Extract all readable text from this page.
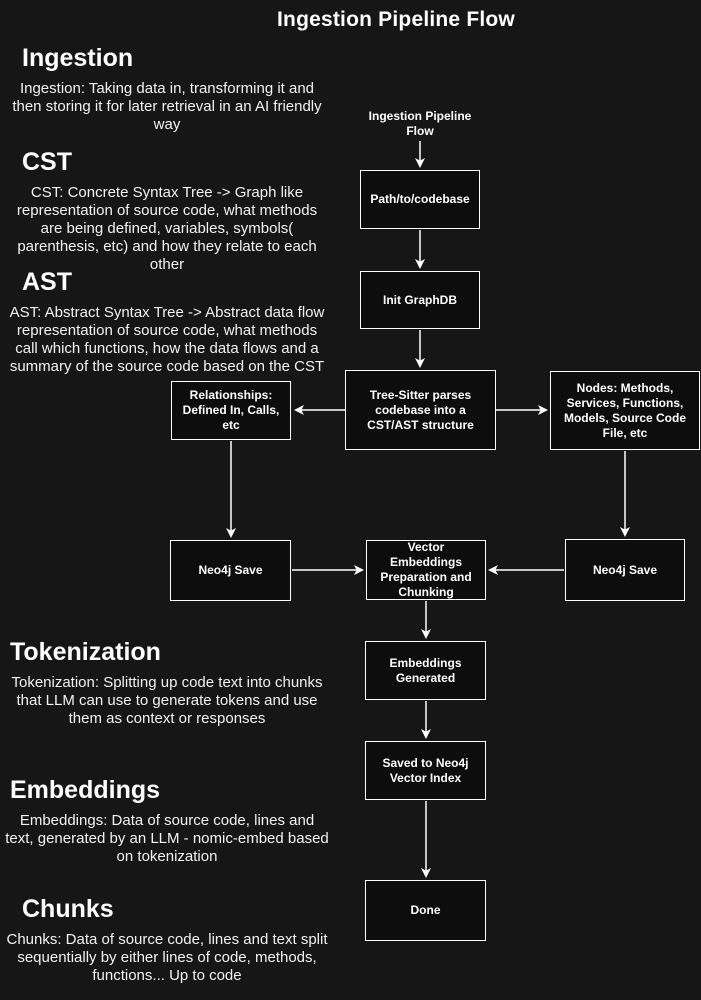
Ingestion Pipeline Flow
Ingestion

Ingestion: Taking data in, transforming it and then storing it for later retrieval in an AI friendly way

CST

CST: Concrete Syntax Tree -> Graph like representation of source code, what methods are being defined, variables, symbols( parenthesis, etc) and how they relate to each other

AST

AST: Abstract Syntax Tree -> Abstract data flow representation of source code, what methods call which functions, how the data flows and a summary of the source code based on the CST

Tokenization

Tokenization: Splitting up code text into chunks that LLM can use to generate tokens and use them as context or responses

Embeddings

Embeddings: Data of source code, lines and text, generated by an LLM - nomic-embed based on tokenization

Chunks

Chunks: Data of source code, lines and text split sequentially by either lines of code, methods, functions... Up to code

Ingestion Pipeline Flow
Path/to/codebase
Init GraphDB
Tree-Sitter parses codebase into a CST/AST structure
Relationships: Defined In, Calls, etc
Nodes: Methods, Services, Functions, Models, Source Code File, etc
Neo4j Save	Neo4j Save
Vector Embeddings Preparation and Chunking
Embeddings Generated
Saved to Neo4j Vector Index
Done
